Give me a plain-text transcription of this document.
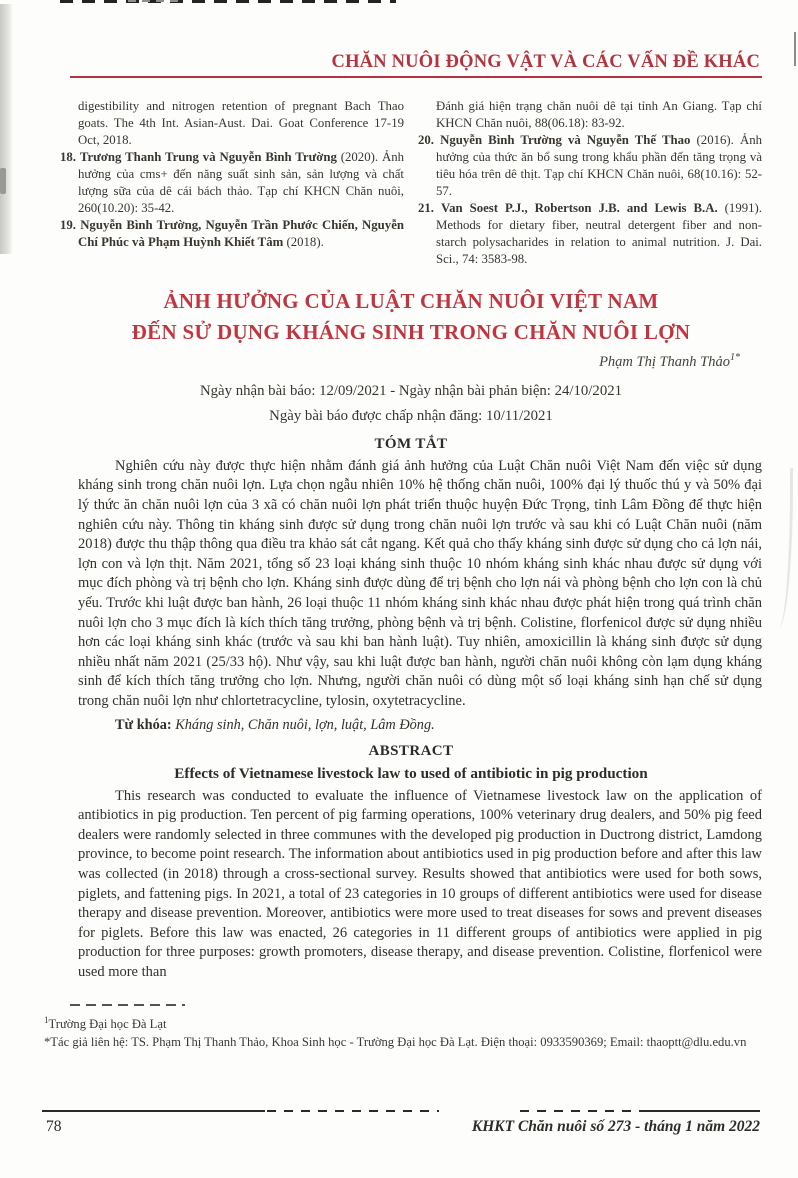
CHĂN NUÔI ĐỘNG VẬT VÀ CÁC VẤN ĐỀ KHÁC
digestibility and nitrogen retention of pregnant Bach Thao goats. The 4th Int. Asian-Aust. Dai. Goat Conference 17-19 Oct, 2018.
18. Trương Thanh Trung và Nguyễn Bình Trường (2020). Ảnh hưởng của cms+ đến năng suất sinh sản, sản lượng và chất lượng sữa của dê cái bách thảo. Tạp chí KHCN Chăn nuôi, 260(10.20): 35-42.
19. Nguyễn Bình Trường, Nguyễn Trần Phước Chiến, Nguyễn Chí Phúc và Phạm Huỳnh Khiết Tâm (2018).
Đánh giá hiện trạng chăn nuôi dê tại tỉnh An Giang. Tạp chí KHCN Chăn nuôi, 88(06.18): 83-92.
20. Nguyễn Bình Trường và Nguyễn Thế Thao (2016). Ảnh hưởng của thức ăn bổ sung trong khẩu phần đến tăng trọng và tiêu hóa trên dê thịt. Tạp chí KHCN Chăn nuôi, 68(10.16): 52-57.
21. Van Soest P.J., Robertson J.B. and Lewis B.A. (1991). Methods for dietary fiber, neutral detergent fiber and non-starch polysacharides in relation to animal nutrition. J. Dai. Sci., 74: 3583-98.
ẢNH HƯỞNG CỦA LUẬT CHĂN NUÔI VIỆT NAM
ĐẾN SỬ DỤNG KHÁNG SINH TRONG CHĂN NUÔI LỢN
Phạm Thị Thanh Thảo$^{1*}$
Ngày nhận bài báo: 12/09/2021 - Ngày nhận bài phản biện: 24/10/2021
Ngày bài báo được chấp nhận đăng: 10/11/2021
TÓM TẮT

Nghiên cứu này được thực hiện nhằm đánh giá ảnh hưởng của Luật Chăn nuôi Việt Nam đến việc sử dụng kháng sinh trong chăn nuôi lợn. Lựa chọn ngẫu nhiên 10% hệ thống chăn nuôi, 100% đại lý thuốc thú y và 50% đại lý thức ăn chăn nuôi lợn của 3 xã có chăn nuôi lợn phát triển thuộc huyện Đức Trọng, tỉnh Lâm Đồng để thực hiện nghiên cứu này. Thông tin kháng sinh được sử dụng trong chăn nuôi lợn trước và sau khi có Luật Chăn nuôi (năm 2018) được thu thập thông qua điều tra khảo sát cắt ngang. Kết quả cho thấy kháng sinh được sử dụng cho cả lợn nái, lợn con và lợn thịt. Năm 2021, tổng số 23 loại kháng sinh thuộc 10 nhóm kháng sinh khác nhau được sử dụng với mục đích phòng và trị bệnh cho lợn. Kháng sinh được dùng để trị bệnh cho lợn nái và phòng bệnh cho lợn con là chủ yếu. Trước khi luật được ban hành, 26 loại thuộc 11 nhóm kháng sinh khác nhau được phát hiện trong quá trình chăn nuôi lợn cho 3 mục đích là kích thích tăng trưởng, phòng bệnh và trị bệnh. Colistine, florfenicol được sử dụng nhiều hơn các loại kháng sinh khác (trước và sau khi ban hành luật). Tuy nhiên, amoxicillin là kháng sinh được sử dụng nhiều nhất năm 2021 (25/33 hộ). Như vậy, sau khi luật được ban hành, người chăn nuôi không còn lạm dụng kháng sinh để kích thích tăng trưởng cho lợn. Nhưng, người chăn nuôi có dùng một số loại kháng sinh hạn chế sử dụng trong chăn nuôi lợn như chlortetracycline, tylosin, oxytetracycline.

Từ khóa: Kháng sinh, Chăn nuôi, lợn, luật, Lâm Đồng.

ABSTRACT
Effects of Vietnamese livestock law to used of antibiotic in pig production

This research was conducted to evaluate the influence of Vietnamese livestock law on the application of antibiotics in pig production. Ten percent of pig farming operations, 100% veterinary drug dealers, and 50% pig feed dealers were randomly selected in three communes with the developed pig production in Ductrong district, Lamdong province, to become point research. The information about antibiotics used in pig production before and after this law was collected (in 2018) through a cross-sectional survey. Results showed that antibiotics were used for both sows, piglets, and fattening pigs. In 2021, a total of 23 categories in 10 groups of different antibiotics were used for disease therapy and disease prevention. Moreover, antibiotics were more used to treat diseases for sows and prevent diseases for piglets. Before this law was enacted, 26 categories in 11 different groups of antibiotics were applied in pig production for three purposes: growth promoters, disease therapy, and disease prevention. Colistine, florfenicol were used more than

$^1$Trường Đại học Đà Lạt
*Tác giả liên hệ: TS. Phạm Thị Thanh Thảo, Khoa Sinh học - Trường Đại học Đà Lạt. Điện thoại: 0933590369; Email: thaoptt@dlu.edu.vn
78	KHKT Chăn nuôi số 273 - tháng 1 năm 2022
